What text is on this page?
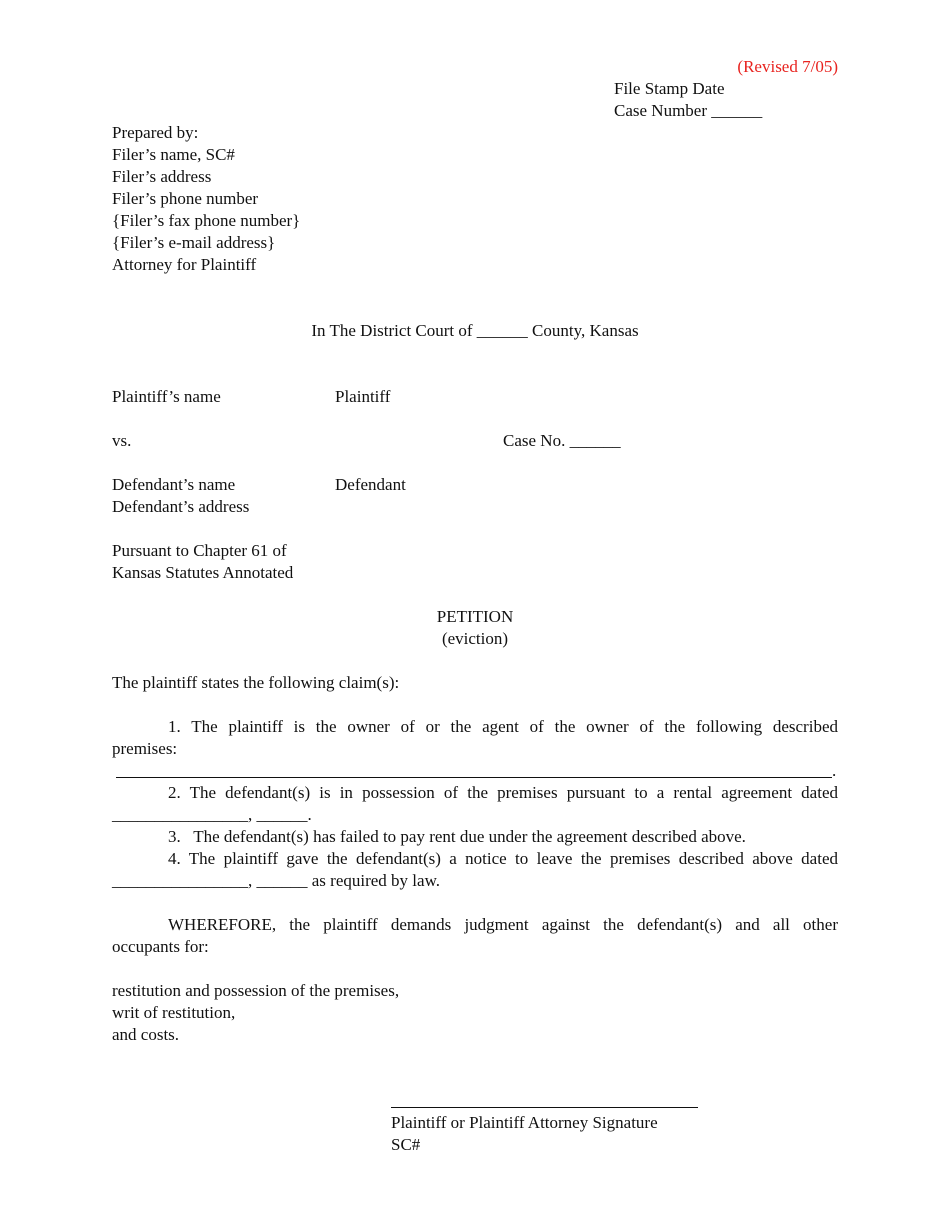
(Revised 7/05)
File Stamp Date
Case Number ______
Prepared by:
Filer’s name, SC#
Filer’s address
Filer’s phone number
{Filer’s fax phone number}
{Filer’s e-mail address}
Attorney for Plaintiff
In The District Court of ______ County, Kansas
Plaintiff’s name	Plaintiff
vs.	Case No. ______
Defendant’s name	Defendant
Defendant’s address
Pursuant to Chapter 61 of
Kansas Statutes Annotated
PETITION
(eviction)
The plaintiff states the following claim(s):
1. The plaintiff is the owner of or the agent of the owner of the following described
premises:
.
2. The defendant(s) is in possession of the premises pursuant to a rental agreement dated
________________, ______.
3.   The defendant(s) has failed to pay rent due under the agreement described above.
4. The plaintiff gave the defendant(s) a notice to leave the premises described above dated
________________, ______ as required by law.
WHEREFORE, the plaintiff demands judgment against the defendant(s) and all other
occupants for:
restitution and possession of the premises,
writ of restitution,
and costs.
Plaintiff or Plaintiff Attorney Signature
SC#
